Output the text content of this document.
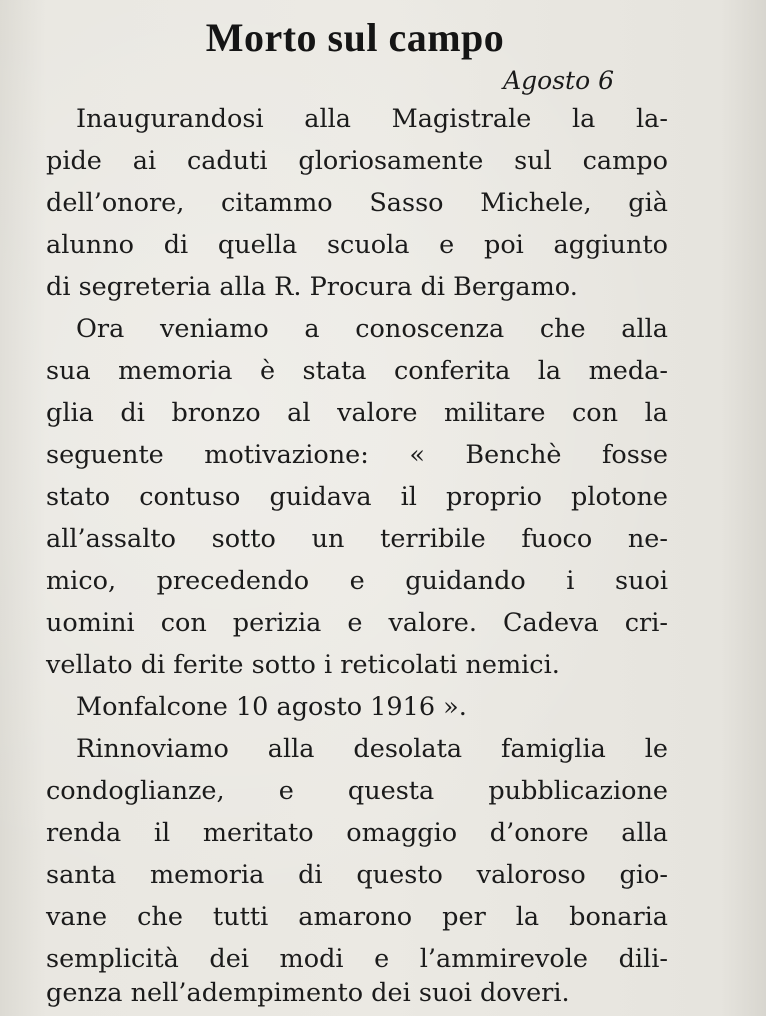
Morto sul campo
Agosto 6
Inaugurandosi alla Magistrale la la-
pide ai caduti gloriosamente sul campo
dell’onore, citammo Sasso Michele, già
alunno di quella scuola e poi aggiunto
di segreteria alla R. Procura di Bergamo.
Ora veniamo a conoscenza che alla
sua memoria è stata conferita la meda-
glia di bronzo al valore militare con la
seguente motivazione: « Benchè fosse
stato contuso guidava il proprio plotone
all’assalto sotto un terribile fuoco ne-
mico, precedendo e guidando i suoi
uomini con perizia e valore. Cadeva cri-
vellato di ferite sotto i reticolati nemici.
Monfalcone 10 agosto 1916 ».
Rinnoviamo alla desolata famiglia le
condoglianze, e questa pubblicazione
renda il meritato omaggio d’onore alla
santa memoria di questo valoroso gio-
vane che tutti amarono per la bonaria
semplicità dei modi e l’ammirevole dili-
genza nell’adempimento dei suoi doveri.
